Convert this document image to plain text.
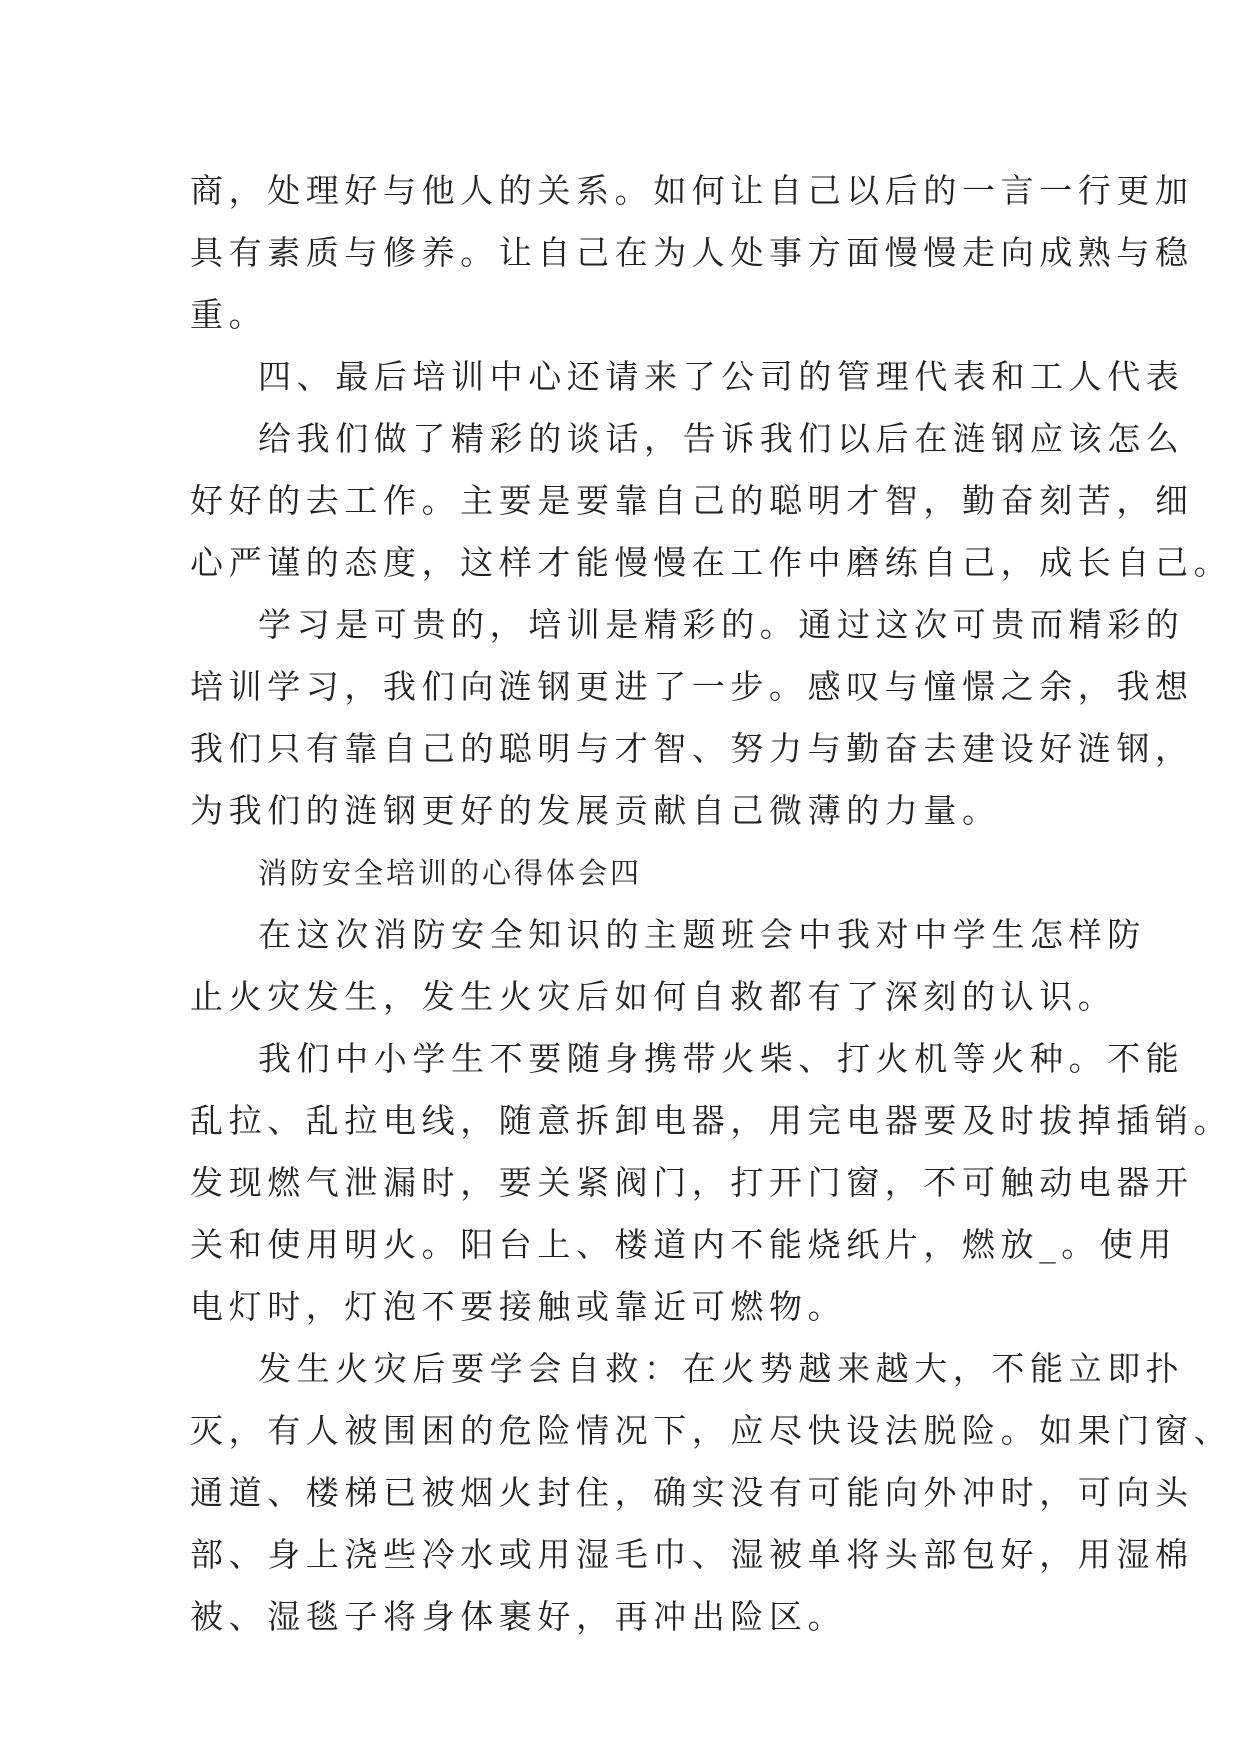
商，处理好与他人的关系。如何让自己以后的一言一行更加
具有素质与修养。让自己在为人处事方面慢慢走向成熟与稳
重。
四、最后培训中心还请来了公司的管理代表和工人代表
给我们做了精彩的谈话，告诉我们以后在涟钢应该怎么
好好的去工作。主要是要靠自己的聪明才智，勤奋刻苦，细
心严谨的态度，这样才能慢慢在工作中磨练自己，成长自己。
学习是可贵的，培训是精彩的。通过这次可贵而精彩的
培训学习，我们向涟钢更进了一步。感叹与憧憬之余，我想
我们只有靠自己的聪明与才智、努力与勤奋去建设好涟钢，
为我们的涟钢更好的发展贡献自己微薄的力量。
消防安全培训的心得体会四
在这次消防安全知识的主题班会中我对中学生怎样防
止火灾发生，发生火灾后如何自救都有了深刻的认识。
我们中小学生不要随身携带火柴、打火机等火种。不能
乱拉、乱拉电线，随意拆卸电器，用完电器要及时拔掉插销。
发现燃气泄漏时，要关紧阀门，打开门窗，不可触动电器开
关和使用明火。阳台上、楼道内不能烧纸片，燃放_。使用
电灯时，灯泡不要接触或靠近可燃物。
发生火灾后要学会自救：在火势越来越大，不能立即扑
灭，有人被围困的危险情况下，应尽快设法脱险。如果门窗、
通道、楼梯已被烟火封住，确实没有可能向外冲时，可向头
部、身上浇些冷水或用湿毛巾、湿被单将头部包好，用湿棉
被、湿毯子将身体裹好，再冲出险区。
